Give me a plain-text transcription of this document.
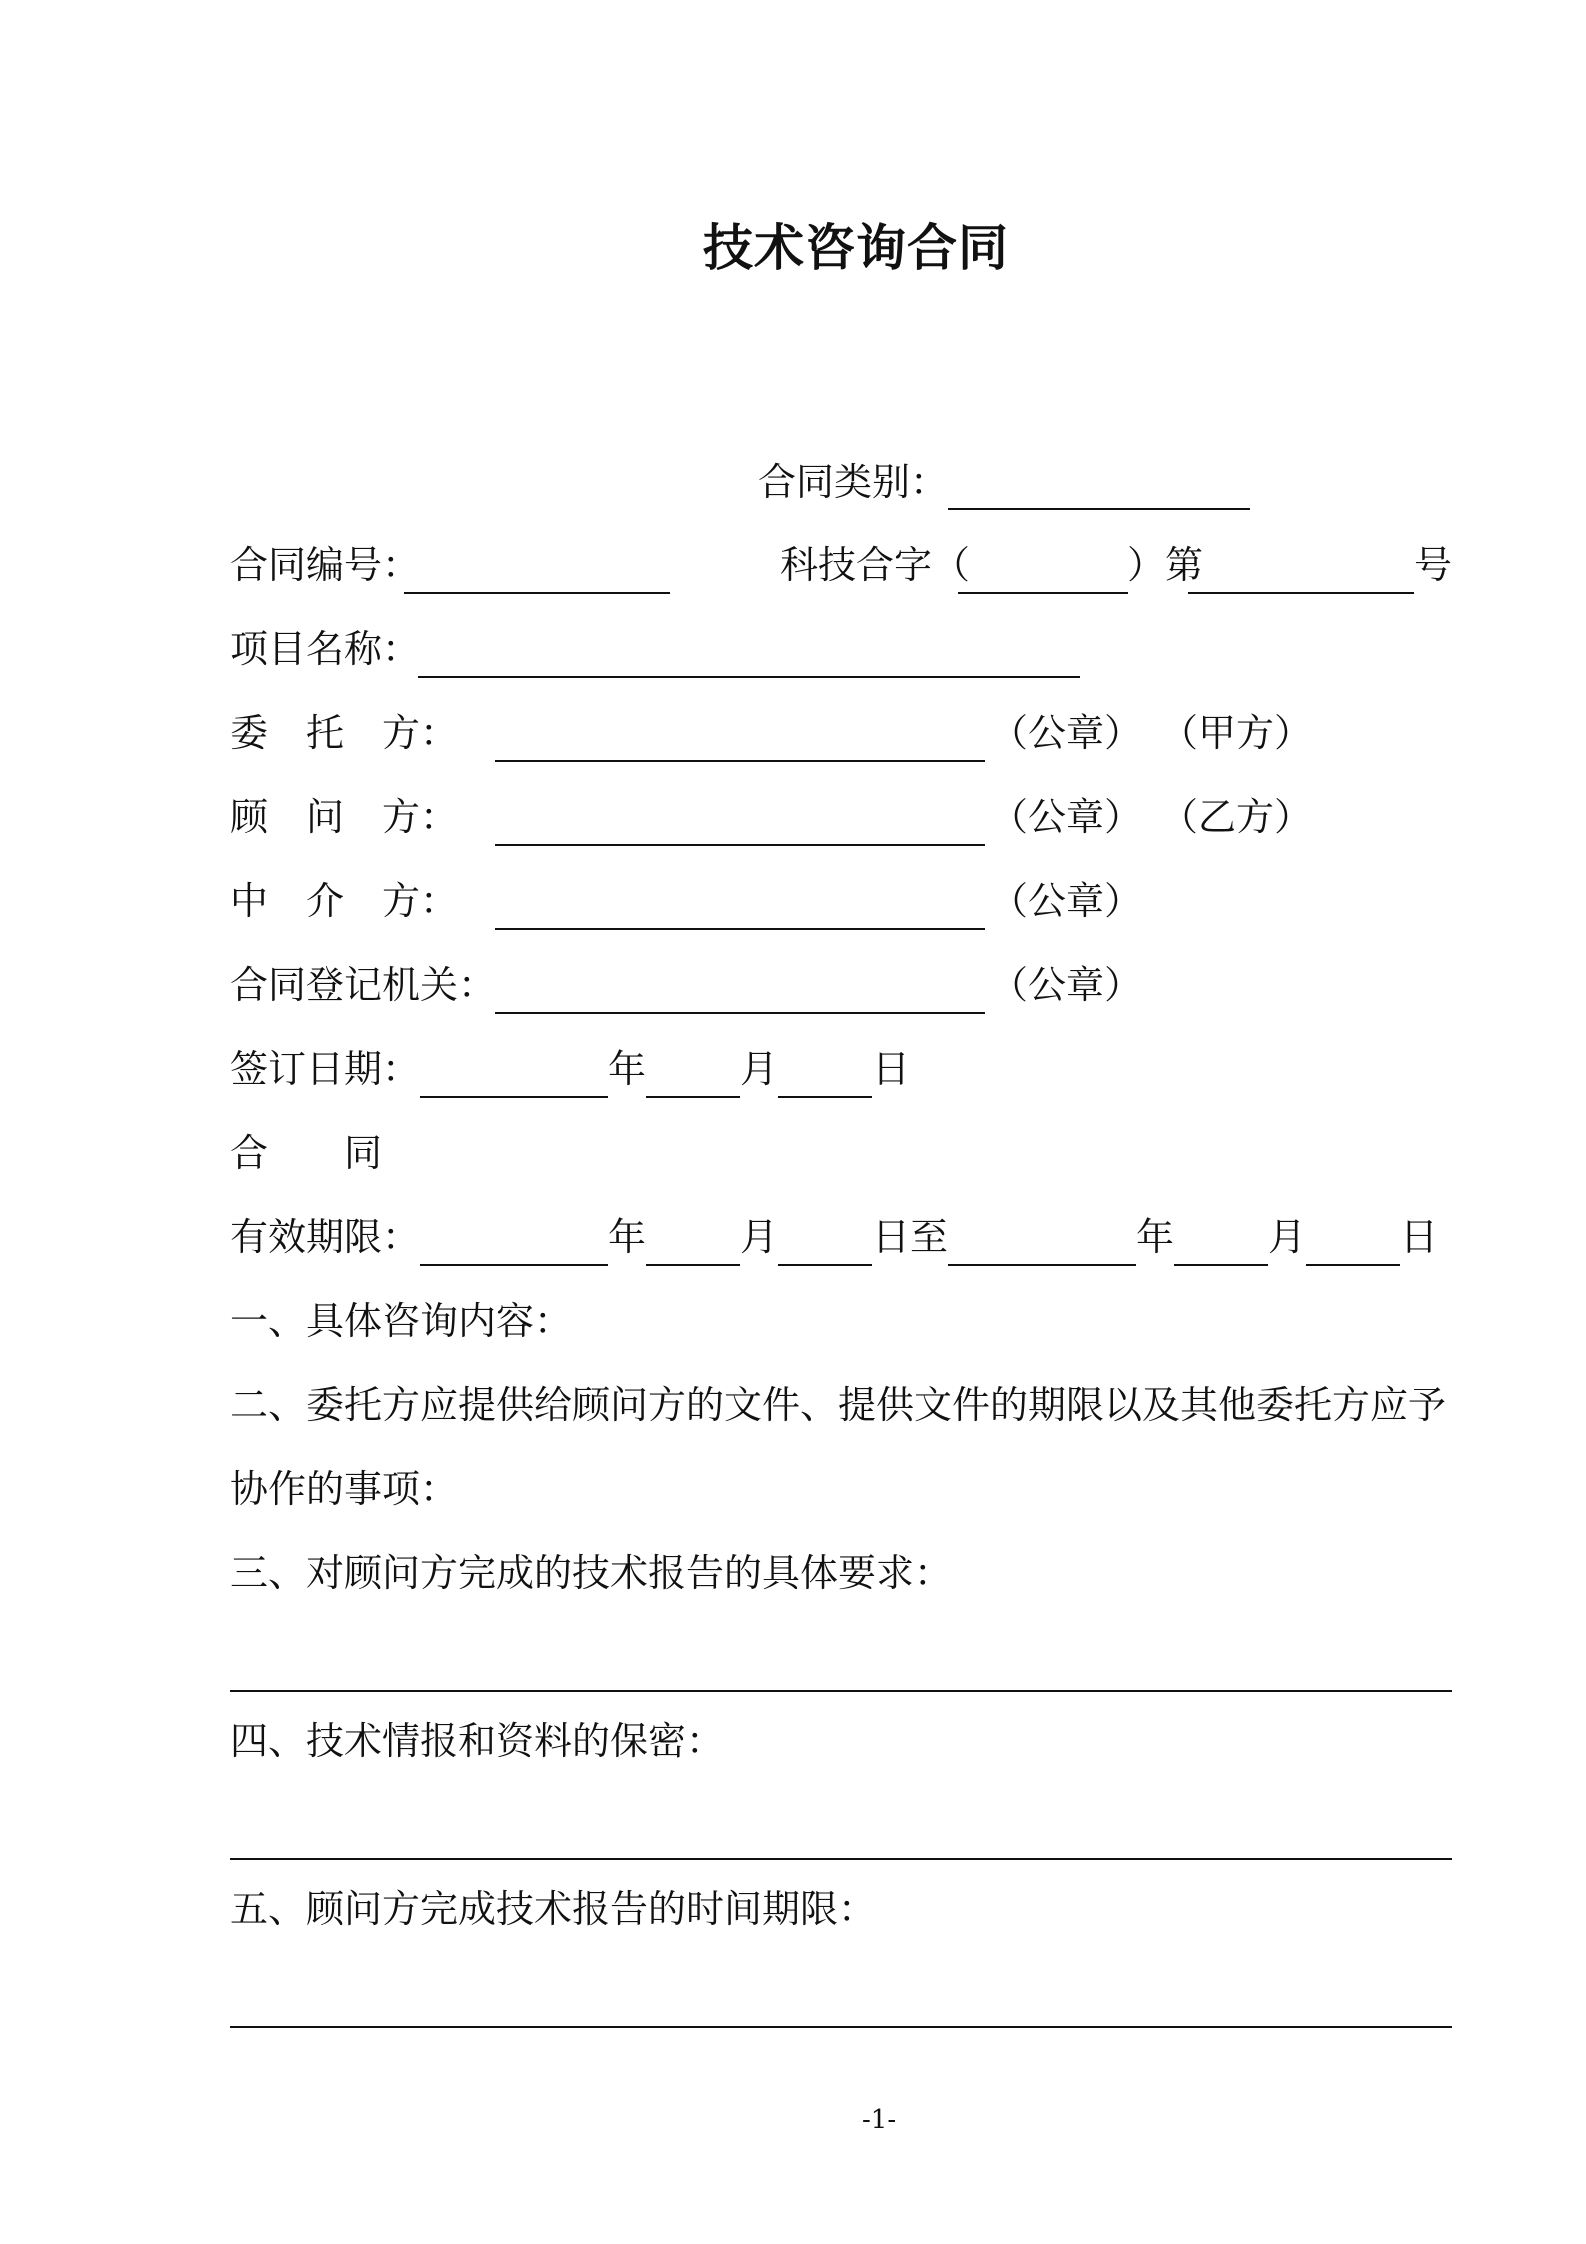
技术咨询合同
合同类别：
合同编号：	科技合字（	）第	号
项目名称：
委　托　方：	（公章） （甲方）
顾　问　方：	（公章） （乙方）
中　介　方：	（公章）
合同登记机关：	（公章）
签订日期：	年 月 日
合　　同
有效期限：	年 月 日至	年 月 日
一、具体咨询内容：
二、委托方应提供给顾问方的文件、提供文件的期限以及其他委托方应予
协作的事项：
三、对顾问方完成的技术报告的具体要求：
四、技术情报和资料的保密：
五、顾问方完成技术报告的时间期限：
-1-
